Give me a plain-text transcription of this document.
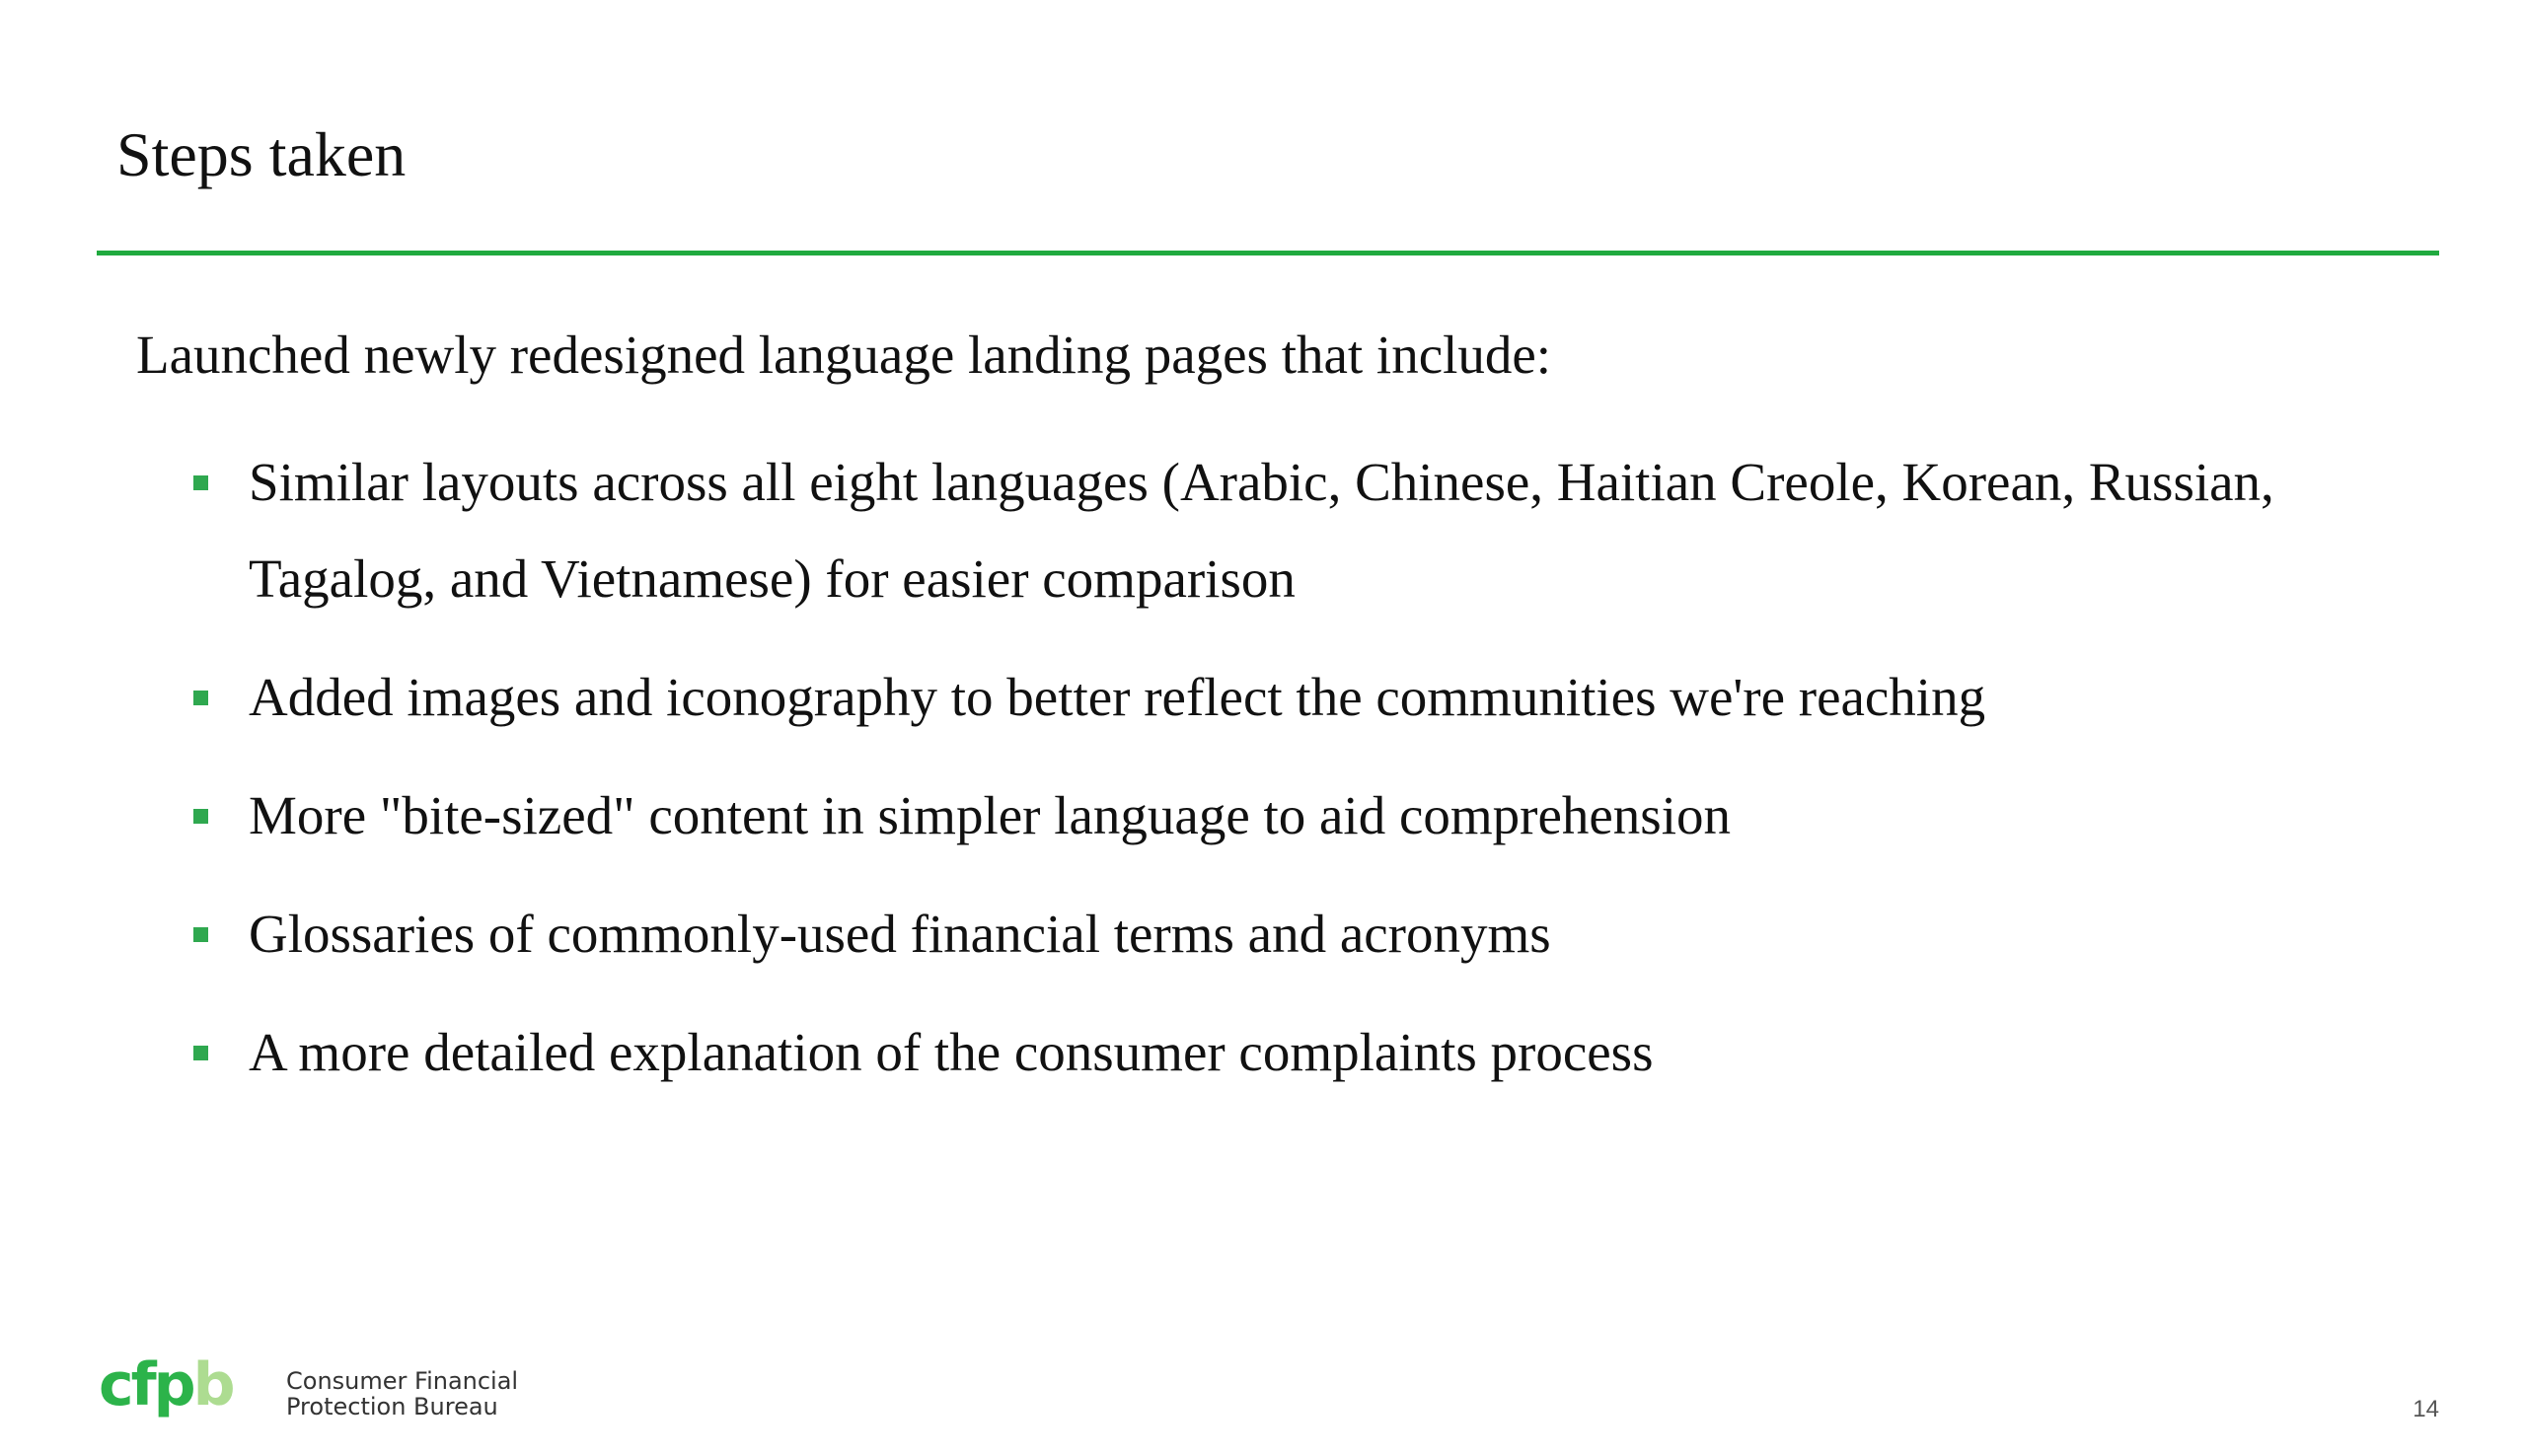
Steps taken

Launched newly redesigned language landing pages that include:

Similar layouts across all eight languages (Arabic, Chinese, Haitian Creole, Korean, Russian, Tagalog, and Vietnamese) for easier comparison
Added images and iconography to better reflect the communities we're reaching
More "bite-sized" content in simpler language to aid comprehension
Glossaries of commonly-used financial terms and acronyms
A more detailed explanation of the consumer complaints process
cfpb Consumer Financial
Protection Bureau	14
